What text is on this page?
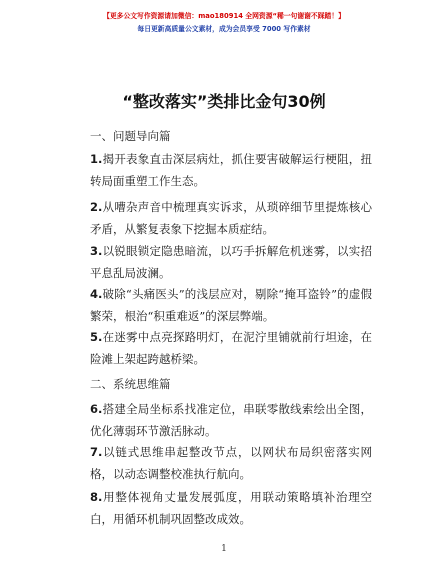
【更多公文写作资源请加微信：mao180914 全网资源“稀一句谢谢不踩踏！】
每日更新高质量公文素材，成为会员享受 7000 写作素材
“整改落实”类排比金句30例
一、问题导向篇
1.揭开表象直击深层病灶，抓住要害破解运行梗阻，扭转局面重塑工作生态。
2.从嘈杂声音中梳理真实诉求，从琐碎细节里提炼核心矛盾，从繁复表象下挖掘本质症结。
3.以锐眼锁定隐患暗流，以巧手拆解危机迷雾，以实招平息乱局波澜。
4.破除“头痛医头”的浅层应对，剔除“掩耳盗铃”的虚假繁荣，根治“积重难返”的深层弊端。
5.在迷雾中点亮探路明灯，在泥泞里铺就前行坦途，在险滩上架起跨越桥梁。
二、系统思维篇
6.搭建全局坐标系找准定位，串联零散线索绘出全图，优化薄弱环节激活脉动。
7.以链式思维串起整改节点，以网状布局织密落实网格，以动态调整校准执行航向。
8.用整体视角丈量发展弧度，用联动策略填补治理空白，用循环机制巩固整改成效。
1
